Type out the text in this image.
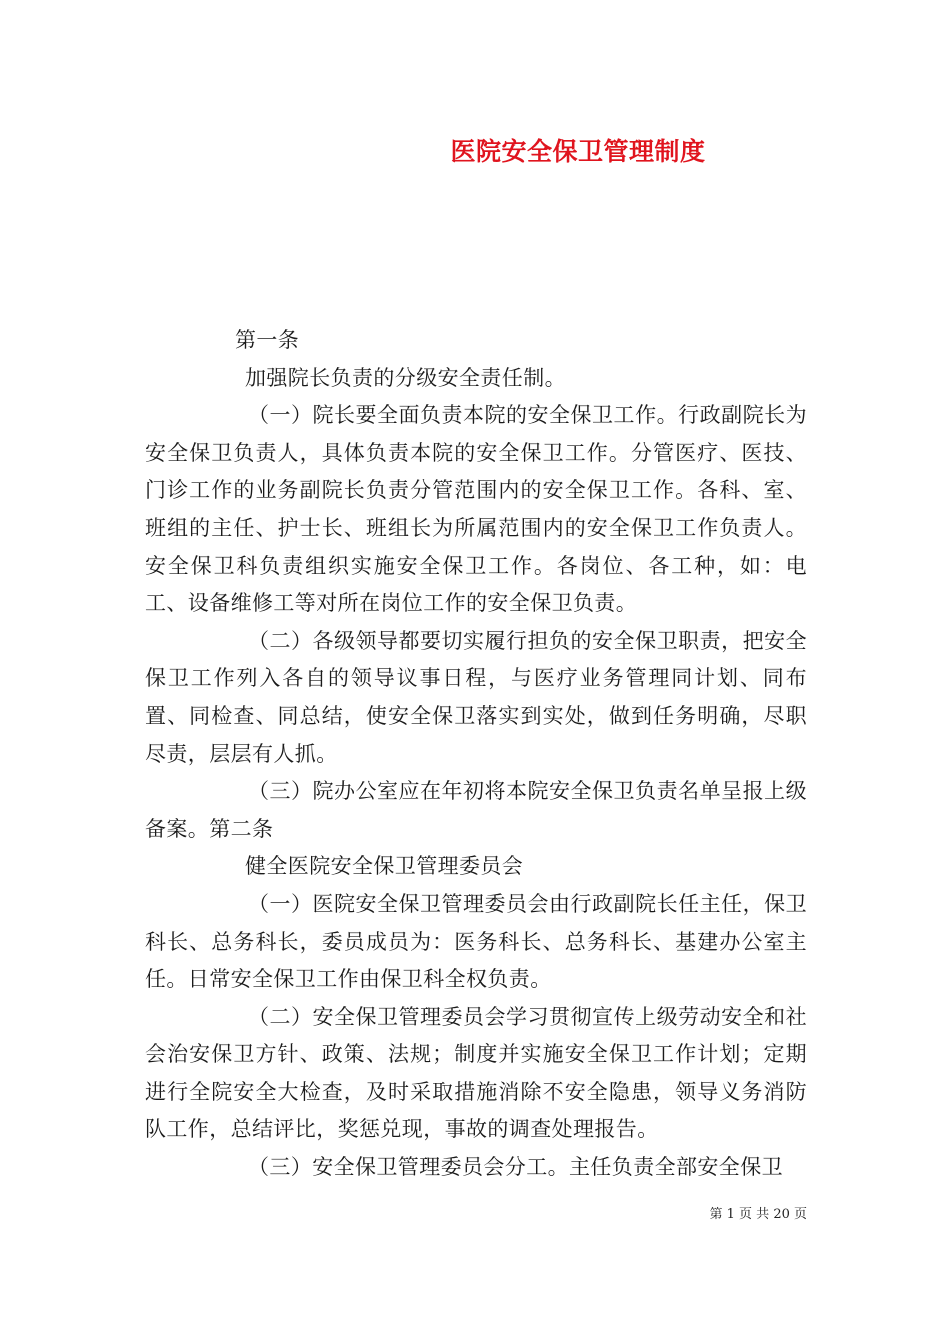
医院安全保卫管理制度

第一条

加强院长负责的分级安全责任制。

（一）院长要全面负责本院的安全保卫工作。行政副院长为安全保卫负责人，具体负责本院的安全保卫工作。分管医疗、医技、门诊工作的业务副院长负责分管范围内的安全保卫工作。各科、室、班组的主任、护士长、班组长为所属范围内的安全保卫工作负责人。安全保卫科负责组织实施安全保卫工作。各岗位、各工种，如：电工、设备维修工等对所在岗位工作的安全保卫负责。

（二）各级领导都要切实履行担负的安全保卫职责，把安全保卫工作列入各自的领导议事日程，与医疗业务管理同计划、同布置、同检查、同总结，使安全保卫落实到实处，做到任务明确，尽职尽责，层层有人抓。

（三）院办公室应在年初将本院安全保卫负责名单呈报上级备案。第二条

健全医院安全保卫管理委员会

（一）医院安全保卫管理委员会由行政副院长任主任，保卫科长、总务科长，委员成员为：医务科长、总务科长、基建办公室主任。日常安全保卫工作由保卫科全权负责。

（二）安全保卫管理委员会学习贯彻宣传上级劳动安全和社会治安保卫方针、政策、法规；制度并实施安全保卫工作计划；定期进行全院安全大检查，及时采取措施消除不安全隐患，领导义务消防队工作，总结评比，奖惩兑现，事故的调查处理报告。

（三）安全保卫管理委员会分工。主任负责全部安全保卫

第 1 页 共 20 页
